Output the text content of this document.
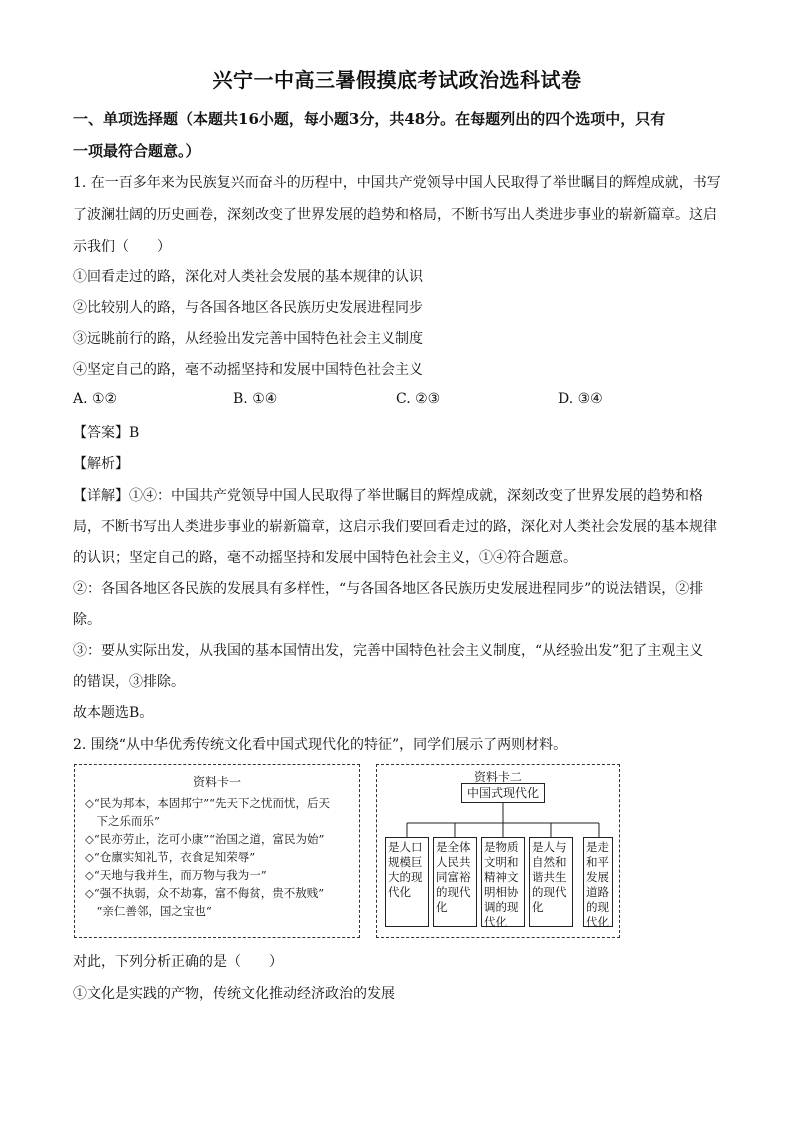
兴宁一中高三暑假摸底考试政治选科试卷
一、单项选择题（本题共16小题，每小题3分，共48分。在每题列出的四个选项中，只有
一项最符合题意。）
1. 在一百多年来为民族复兴而奋斗的历程中，中国共产党领导中国人民取得了举世瞩目的辉煌成就，书写
了波澜壮阔的历史画卷，深刻改变了世界发展的趋势和格局，不断书写出人类进步事业的崭新篇章。这启
示我们（　　）
①回看走过的路，深化对人类社会发展的基本规律的认识
②比较别人的路，与各国各地区各民族历史发展进程同步
③远眺前行的路，从经验出发完善中国特色社会主义制度
④坚定自己的路，毫不动摇坚持和发展中国特色社会主义
A. ①②	B. ①④	C. ②③	D. ③④
【答案】B
【解析】
【详解】①④：中国共产党领导中国人民取得了举世瞩目的辉煌成就，深刻改变了世界发展的趋势和格
局，不断书写出人类进步事业的崭新篇章，这启示我们要回看走过的路，深化对人类社会发展的基本规律
的认识；坚定自己的路，毫不动摇坚持和发展中国特色社会主义，①④符合题意。
②：各国各地区各民族的发展具有多样性，“与各国各地区各民族历史发展进程同步”的说法错误，②排
除。
③：要从实际出发，从我国的基本国情出发，完善中国特色社会主义制度，“从经验出发”犯了主观主义
的错误，③排除。
故本题选B。
2. 围绕“从中华优秀传统文化看中国式现代化的特征”，同学们展示了两则材料。
资料卡一
◇“民为邦本，本固邦宁”“先天下之忧而忧，后天
　下之乐而乐”
◇“民亦劳止，汔可小康”“治国之道，富民为始”
◇“仓廪实知礼节，衣食足知荣辱”
◇“天地与我并生，而万物与我为一”
◇“强不执弱，众不劫寡，富不侮贫，贵不敖贱”
　“亲仁善邻，国之宝也“
资料卡二
中国式现代化
是人口规模巨大的现代化
是全体人民共同富裕的现代化
是物质文明和精神文明相协调的现代化
是人与自然和谐共生的现代化
是走和平发展道路的现代化
对此，下列分析正确的是（　　）
①文化是实践的产物，传统文化推动经济政治的发展
